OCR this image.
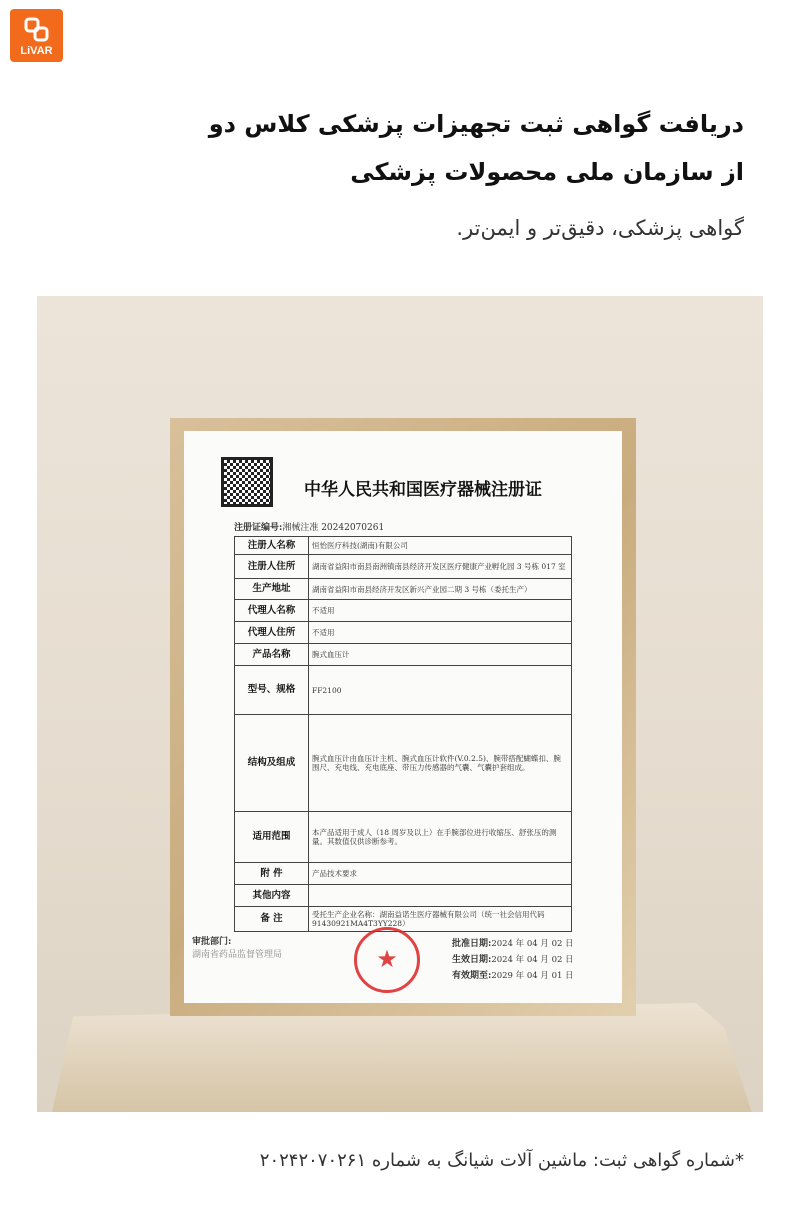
LiVAR
دریافت گواهی ثبت تجهیزات پزشکی کلاس دو
از سازمان ملی محصولات پزشکی
گواهی پزشکی، دقیق‌تر و ایمن‌تر.
中华人民共和国医疗器械注册证
注册证编号:湘械注准 20242070261
注册人名称	恒怡医疗科技(湖南)有限公司
注册人住所	湖南省益阳市南县南洲镇南县经济开发区医疗健康产业孵化园 3 号栋 017 室
生产地址	湖南省益阳市南县经济开发区新兴产业园二期 3 号栋（委托生产）
代理人名称	不适用
代理人住所	不适用
产品名称	腕式血压计
型号、规格	FF2100
结构及组成	腕式血压计由血压计主机、腕式血压计软件(V.0.2.5)、腕带搭配蝴蝶扣、腕围尺、充电线、充电底座、带压力传感器的气囊、气囊护套组成。
适用范围	本产品适用于成人（18 周岁及以上）在手腕部位进行收缩压、舒张压的测量。其数值仅供诊断参考。
附 件	产品技术要求
其他内容	
备 注	受托生产企业名称：湖南益诺生医疗器械有限公司（统一社会信用代码 91430921MA4T3YY228）
审批部门:
湖南省药品监督管理局	★
批准日期:2024 年 04 月 02 日
生效日期:2024 年 04 月 02 日
有效期至:2029 年 04 月 01 日
*شماره گواهی ثبت: ماشین آلات شیانگ به شماره ۲۰۲۴۲۰۷۰۲۶۱
